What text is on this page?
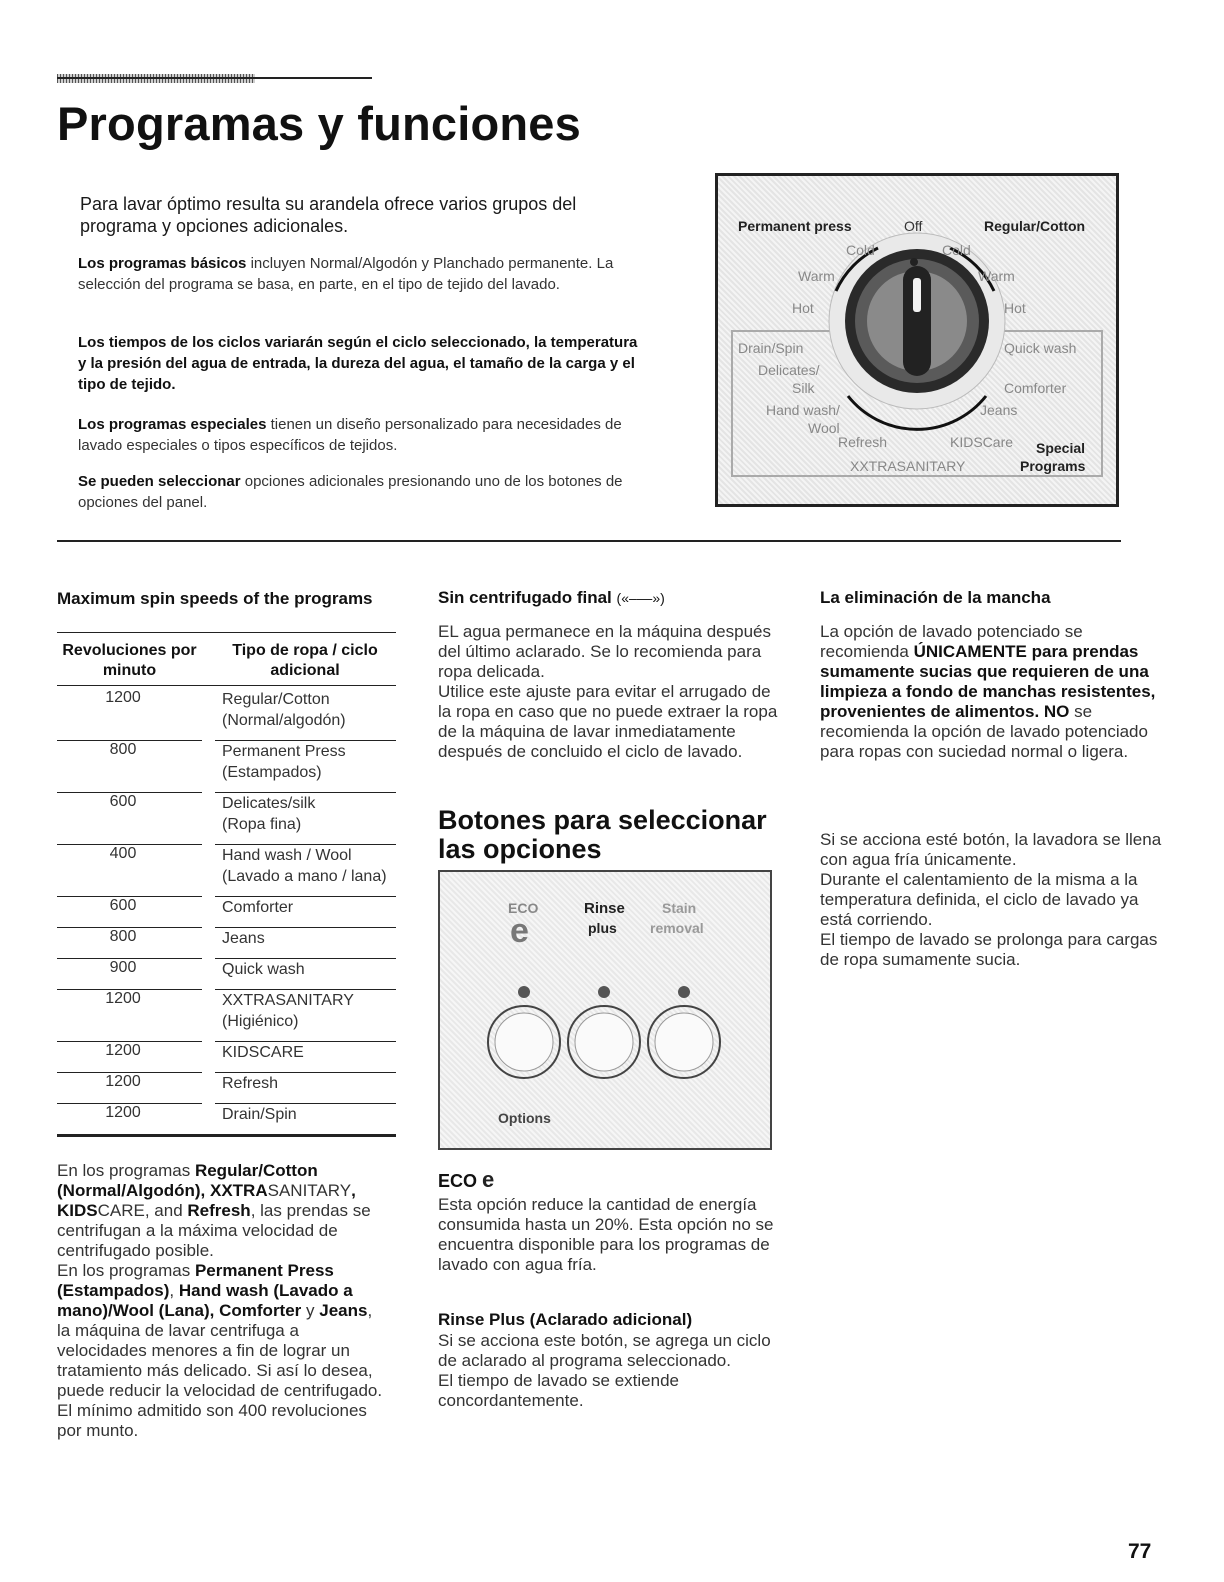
Programas y funciones

Para lavar óptimo resulta su arandela ofrece varios grupos del programa y opciones adicionales.

Los programas básicos incluyen Normal/Algodón y Planchado permanente. La selección del programa se basa, en parte, en el tipo de tejido del lavado.

Los tiempos de los ciclos variarán según el ciclo seleccionado, la temperatura y la presión del agua de entrada, la dureza del agua, el tamaño de la carga y el tipo de tejido.

Los programas especiales tienen un diseño personalizado para necesidades de lavado especiales o tipos específicos de tejidos.

Se pueden seleccionar opciones adicionales presionando uno de los botones de opciones del panel.

Permanent press	Off	Regular/Cotton
Cold	Cold
Warm	Warm
Hot	Hot
Drain/Spin	Quick wash
Delicates/
Silk	Comforter
Hand wash/
Wool
Jeans
Refresh	KIDSCare Special
Programs
XXTRASANITARY

Maximum spin speeds of the programs

Revoluciones por minuto
Tipo de ropa / ciclo adicional
1200	Regular/Cotton
(Normal/algodón)
800	Permanent Press
(Estampados)
600	Delicates/silk
(Ropa fina)
400	Hand wash / Wool
(Lavado a mano / lana)
600	Comforter
800	Jeans
900	Quick wash
1200	XXTRASANITARY
(Higiénico)
1200	KIDSCARE
1200	Refresh
1200	Drain/Spin

En los programas Regular/Cotton (Normal/Algodón), XXTRASANITARY, KIDSCARE, and Refresh, las prendas se centrifugan a la máxima velocidad de centrifugado posible.
En los programas Permanent Press (Estampados), Hand wash (Lavado a mano)/Wool (Lana), Comforter y Jeans, la máquina de lavar centrifuga a velocidades menores a fin de lograr un tratamiento más delicado. Si así lo desea, puede reducir la velocidad de centrifugado. El mínimo admitido son 400 revoluciones por munto.

Sin centrifugado final («–––»)

EL agua permanece en la máquina después del último aclarado. Se lo recomienda para ropa delicada.
Utilice este ajuste para evitar el arrugado de la ropa en caso que no puede extraer la ropa de la máquina de lavar inmediatamente después de concluido el ciclo de lavado.
Botones para seleccionar las opciones
ECO
e
Rinse
plus
Stain
removal
Options
ECO e

Esta opción reduce la cantidad de energía consumida hasta un 20%. Esta opción no se encuentra disponible para los programas de lavado con agua fría.

Rinse Plus (Aclarado adicional)

Si se acciona este botón, se agrega un ciclo de aclarado al programa seleccionado.
El tiempo de lavado se extiende concordantemente.

La eliminación de la mancha

La opción de lavado potenciado se recomienda ÚNICAMENTE para prendas sumamente sucias que requieren de una limpieza a fondo de manchas resistentes, provenientes de alimentos. NO se recomienda la opción de lavado potenciado para ropas con suciedad normal o ligera.

Si se acciona esté botón, la lavadora se llena con agua fría únicamente.
Durante el calentamiento de la misma a la temperatura definida, el ciclo de lavado ya está corriendo.
El tiempo de lavado se prolonga para cargas de ropa sumamente sucia.
77
